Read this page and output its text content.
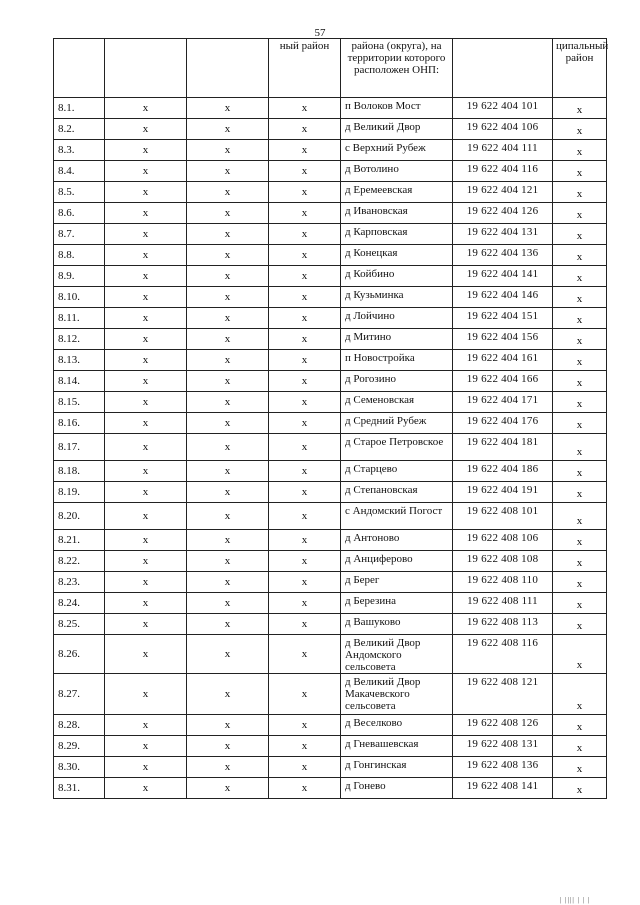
57
			ный район	района (округа), на территории которого расположен ОНП:		ципальный район
8.1.	x	x	x	п Волоков Мост	19 622 404 101	x
8.2.	x	x	x	д Великий Двор	19 622 404 106	x
8.3.	x	x	x	с Верхний Рубеж	19 622 404 111	x
8.4.	x	x	x	д Вотолино	19 622 404 116	x
8.5.	x	x	x	д Еремеевская	19 622 404 121	x
8.6.	x	x	x	д Ивановская	19 622 404 126	x
8.7.	x	x	x	д Карповская	19 622 404 131	x
8.8.	x	x	x	д Конецкая	19 622 404 136	x
8.9.	x	x	x	д Койбино	19 622 404 141	x
8.10.	x	x	x	д Кузьминка	19 622 404 146	x
8.11.	x	x	x	д Лойчино	19 622 404 151	x
8.12.	x	x	x	д Митино	19 622 404 156	x
8.13.	x	x	x	п Новостройка	19 622 404 161	x
8.14.	x	x	x	д Рогозино	19 622 404 166	x
8.15.	x	x	x	д Семеновская	19 622 404 171	x
8.16.	x	x	x	д Средний Рубеж	19 622 404 176	x
8.17.	x	x	x	д Старое Петровское	19 622 404 181	x
8.18.	x	x	x	д Старцево	19 622 404 186	x
8.19.	x	x	x	д Степановская	19 622 404 191	x
8.20.	x	x	x	с Андомский Погост	19 622 408 101	x
8.21.	x	x	x	д Антоново	19 622 408 106	x
8.22.	x	x	x	д Анциферово	19 622 408 108	x
8.23.	x	x	x	д Берег	19 622 408 110	x
8.24.	x	x	x	д Березина	19 622 408 111	x
8.25.	x	x	x	д Вашуково	19 622 408 113	x
8.26.	x	x	x	д Великий Двор Андомского сельсовета	19 622 408 116	x
8.27.	x	x	x	д Великий Двор Макачевского сельсовета	19 622 408 121	x
8.28.	x	x	x	д Веселково	19 622 408 126	x
8.29.	x	x	x	д Гневашевская	19 622 408 131	x
8.30.	x	x	x	д Гонгинская	19 622 408 136	x
8.31.	x	x	x	д Гонево	19 622 408 141	x
| |||| | | |
